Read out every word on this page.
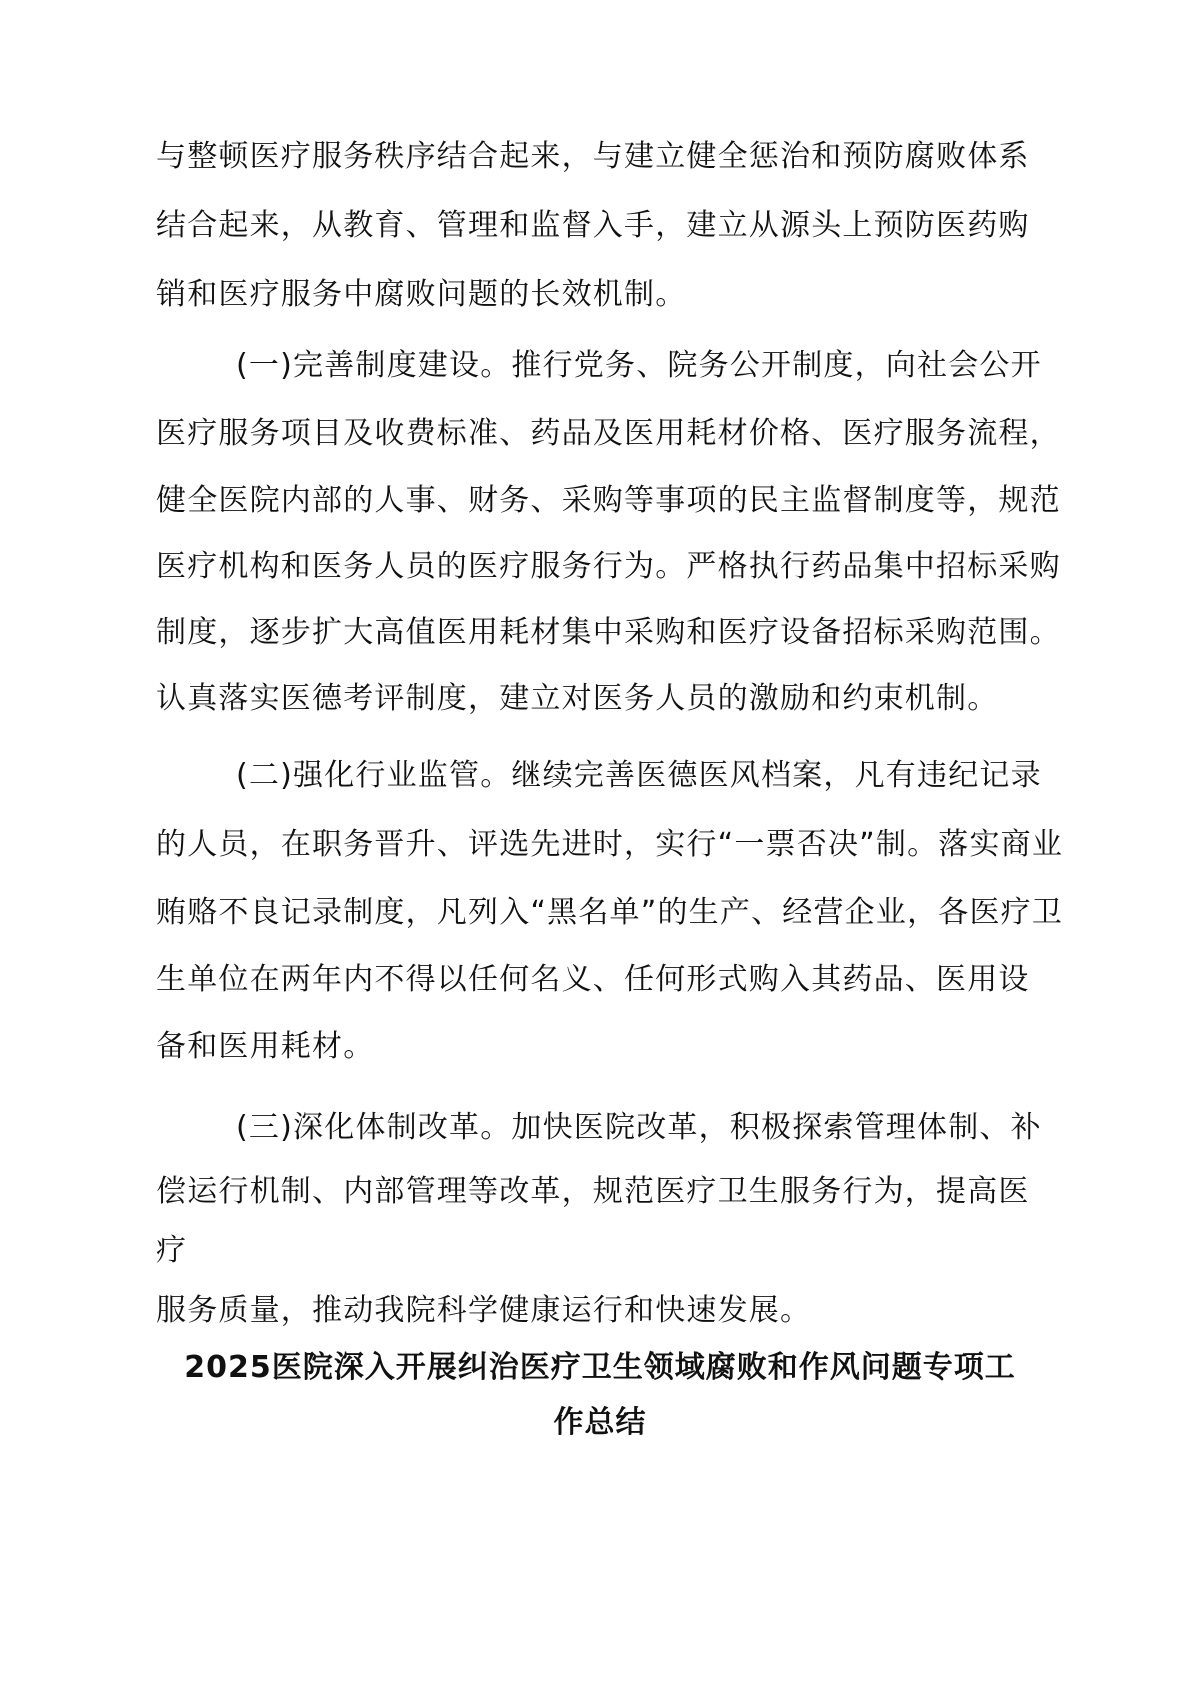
与整顿医疗服务秩序结合起来，与建立健全惩治和预防腐败体系
结合起来，从教育、管理和监督入手，建立从源头上预防医药购
销和医疗服务中腐败问题的长效机制。
(一)完善制度建设。推行党务、院务公开制度，向社会公开
医疗服务项目及收费标准、药品及医用耗材价格、医疗服务流程，
健全医院内部的人事、财务、采购等事项的民主监督制度等，规范
医疗机构和医务人员的医疗服务行为。严格执行药品集中招标采购
制度，逐步扩大高值医用耗材集中采购和医疗设备招标采购范围。
认真落实医德考评制度，建立对医务人员的激励和约束机制。
(二)强化行业监管。继续完善医德医风档案，凡有违纪记录
的人员，在职务晋升、评选先进时，实行“一票否决”制。落实商业
贿赂不良记录制度，凡列入“黑名单”的生产、经营企业，各医疗卫
生单位在两年内不得以任何名义、任何形式购入其药品、医用设
备和医用耗材。
(三)深化体制改革。加快医院改革，积极探索管理体制、补
偿运行机制、内部管理等改革，规范医疗卫生服务行为，提高医
疗
服务质量，推动我院科学健康运行和快速发展。
2025医院深入开展纠治医疗卫生领域腐败和作风问题专项工
作总结
